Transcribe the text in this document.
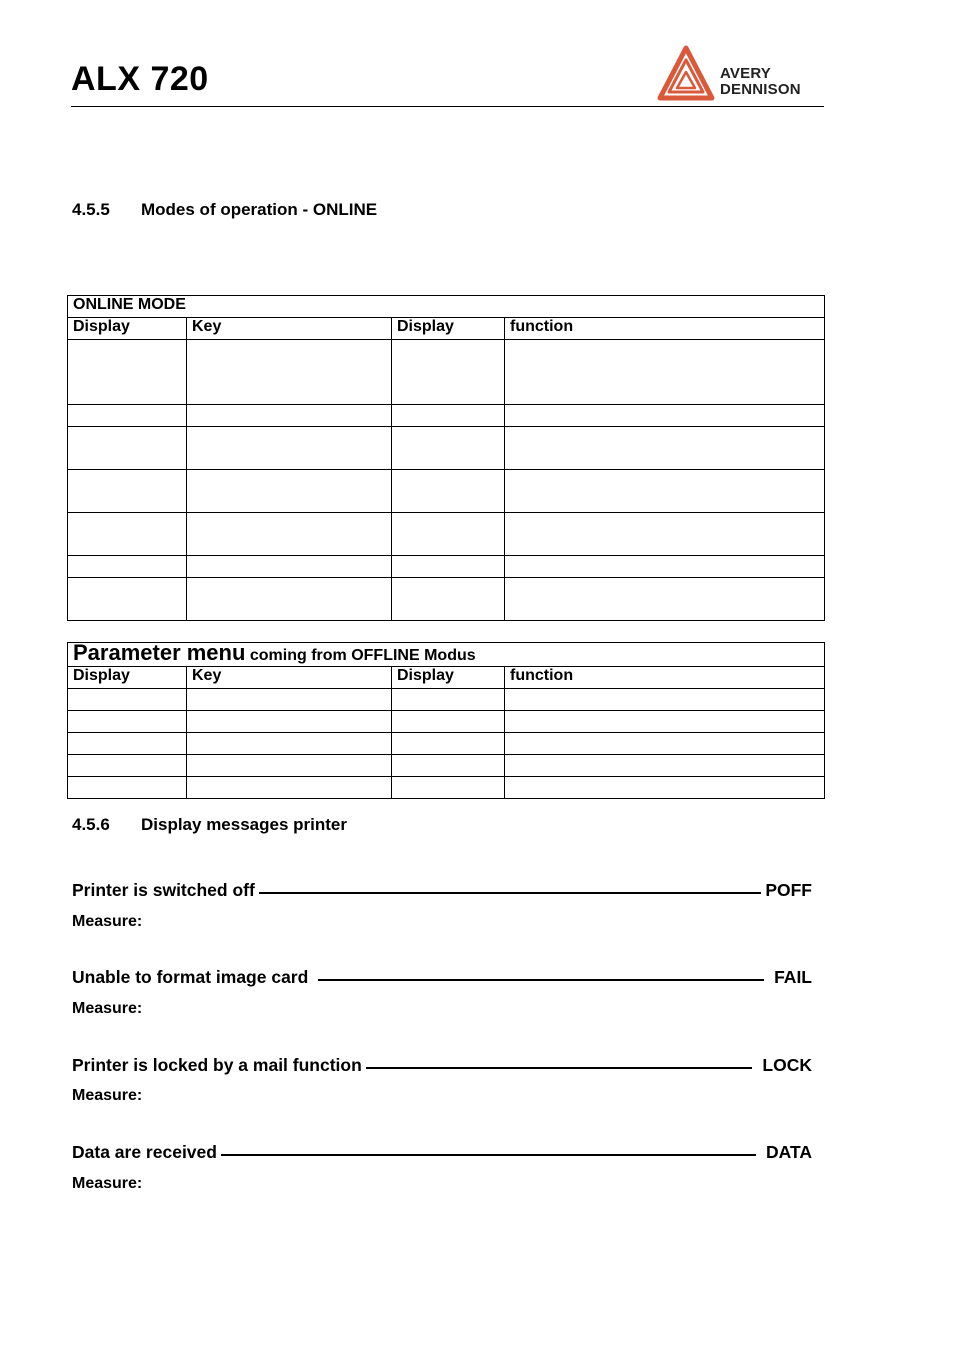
ALX 720	AVERY
DENNISON
4.5.5 Modes of operation - ONLINE
ONLINE MODE			
Display	Key	Display	function

Parameter menu coming from OFFLINE Modus			
Display	Key	Display	function

4.5.6 Display messages printer
Printer is switched off	POFF
Measure:
Unable to format image card	FAIL
Measure:
Printer is locked by a mail function	LOCK
Measure:
Data are received	DATA
Measure:
